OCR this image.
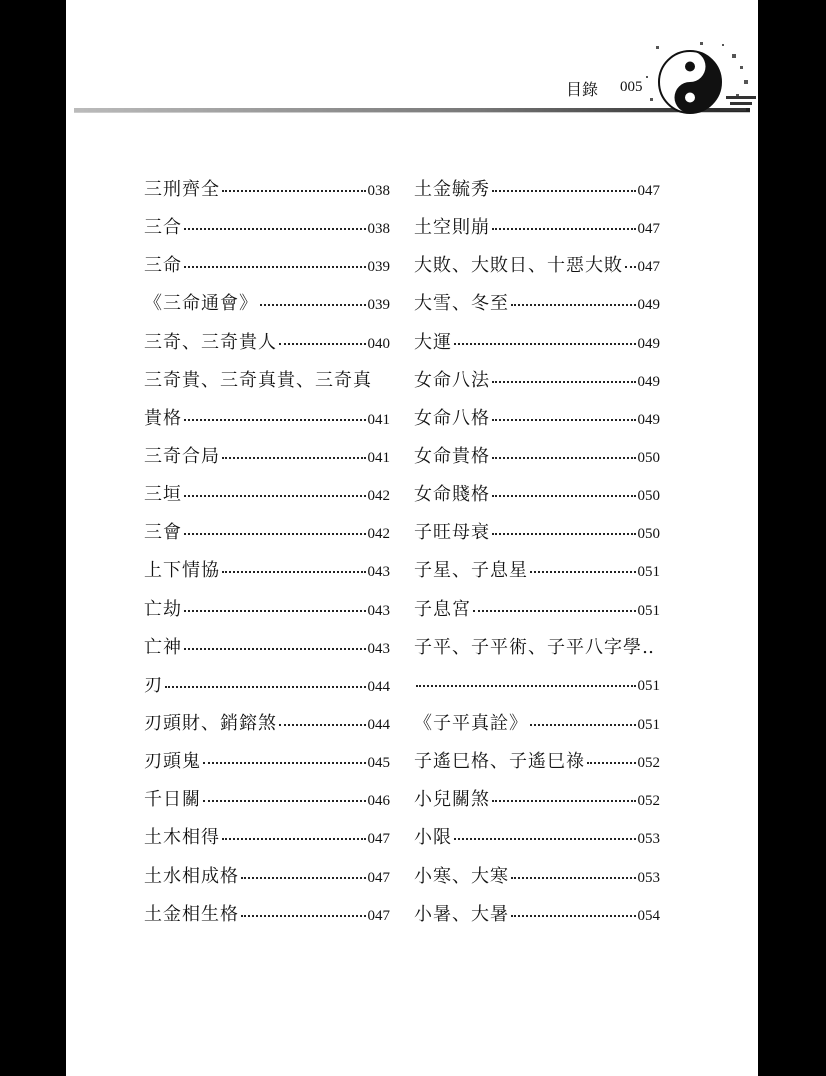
目錄 005
三刑齊全	038
三合	038
三命	039
《三命通會》	039
三奇、三奇貴人	040
三奇貴、三奇真貴、三奇真
貴格	041
三奇合局	041
三垣	042
三會	042
上下情協	043
亡劫	043
亡神	043
刃	044
刃頭財、銷鎔煞	044
刃頭鬼	045
千日關	046
土木相得	047
土水相成格	047
土金相生格	047
土金毓秀	047
土空則崩	047
大敗、大敗日、十惡大敗 047
大雪、冬至	049
大運	049
女命八法	049
女命八格	049
女命貴格	050
女命賤格	050
子旺母衰	050
子星、子息星	051
子息宮	051
子平、子平術、子平八字學‥
051
《子平真詮》	051
子遙巳格、子遙巳祿	052
小兒關煞	052
小限	053
小寒、大寒	053
小暑、大暑	054
